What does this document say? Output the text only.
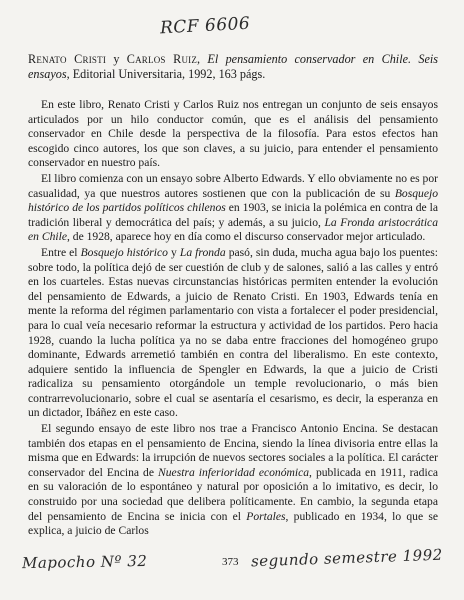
RCF 6606
Renato Cristi y Carlos Ruiz, El pensamiento conservador en Chile. Seis ensayos, Editorial Universitaria, 1992, 163 págs.

En este libro, Renato Cristi y Carlos Ruiz nos entregan un conjunto de seis ensayos articulados por un hilo conductor común, que es el análisis del pensamiento conservador en Chile desde la perspectiva de la filosofía. Para estos efectos han escogido cinco autores, los que son claves, a su juicio, para entender el pensamiento conservador en nuestro país.

El libro comienza con un ensayo sobre Alberto Edwards. Y ello obviamente no es por casualidad, ya que nuestros autores sostienen que con la publicación de su Bosquejo histórico de los partidos políticos chilenos en 1903, se inicia la polémica en contra de la tradición liberal y democrática del país; y además, a su juicio, La Fronda aristocrática en Chile, de 1928, aparece hoy en día como el discurso conservador mejor articulado.

Entre el Bosquejo histórico y La fronda pasó, sin duda, mucha agua bajo los puentes: sobre todo, la política dejó de ser cuestión de club y de salones, salió a las calles y entró en los cuarteles. Estas nuevas circunstancias históricas permiten entender la evolución del pensamiento de Edwards, a juicio de Renato Cristi. En 1903, Edwards tenía en mente la reforma del régimen parlamentario con vista a fortalecer el poder presidencial, para lo cual veía necesario reformar la estructura y actividad de los partidos. Pero hacia 1928, cuando la lucha política ya no se daba entre fracciones del homogéneo grupo dominante, Edwards arremetió también en contra del liberalismo. En este contexto, adquiere sentido la influencia de Spengler en Edwards, la que a juicio de Cristi radicaliza su pensamiento otorgándole un temple revolucionario, o más bien contrarrevolucionario, sobre el cual se asentaría el cesarismo, es decir, la esperanza en un dictador, Ibáñez en este caso.

El segundo ensayo de este libro nos trae a Francisco Antonio Encina. Se destacan también dos etapas en el pensamiento de Encina, siendo la línea divisoria entre ellas la misma que en Edwards: la irrupción de nuevos sectores sociales a la política. El carácter conservador del Encina de Nuestra inferioridad económica, publicada en 1911, radica en su valoración de lo espontáneo y natural por oposición a lo imitativo, es decir, lo construido por una sociedad que delibera políticamente. En cambio, la segunda etapa del pensamiento de Encina se inicia con el Portales, publicado en 1934, lo que se explica, a juicio de Carlos

Mapocho Nº 32	373 segundo semestre 1992
